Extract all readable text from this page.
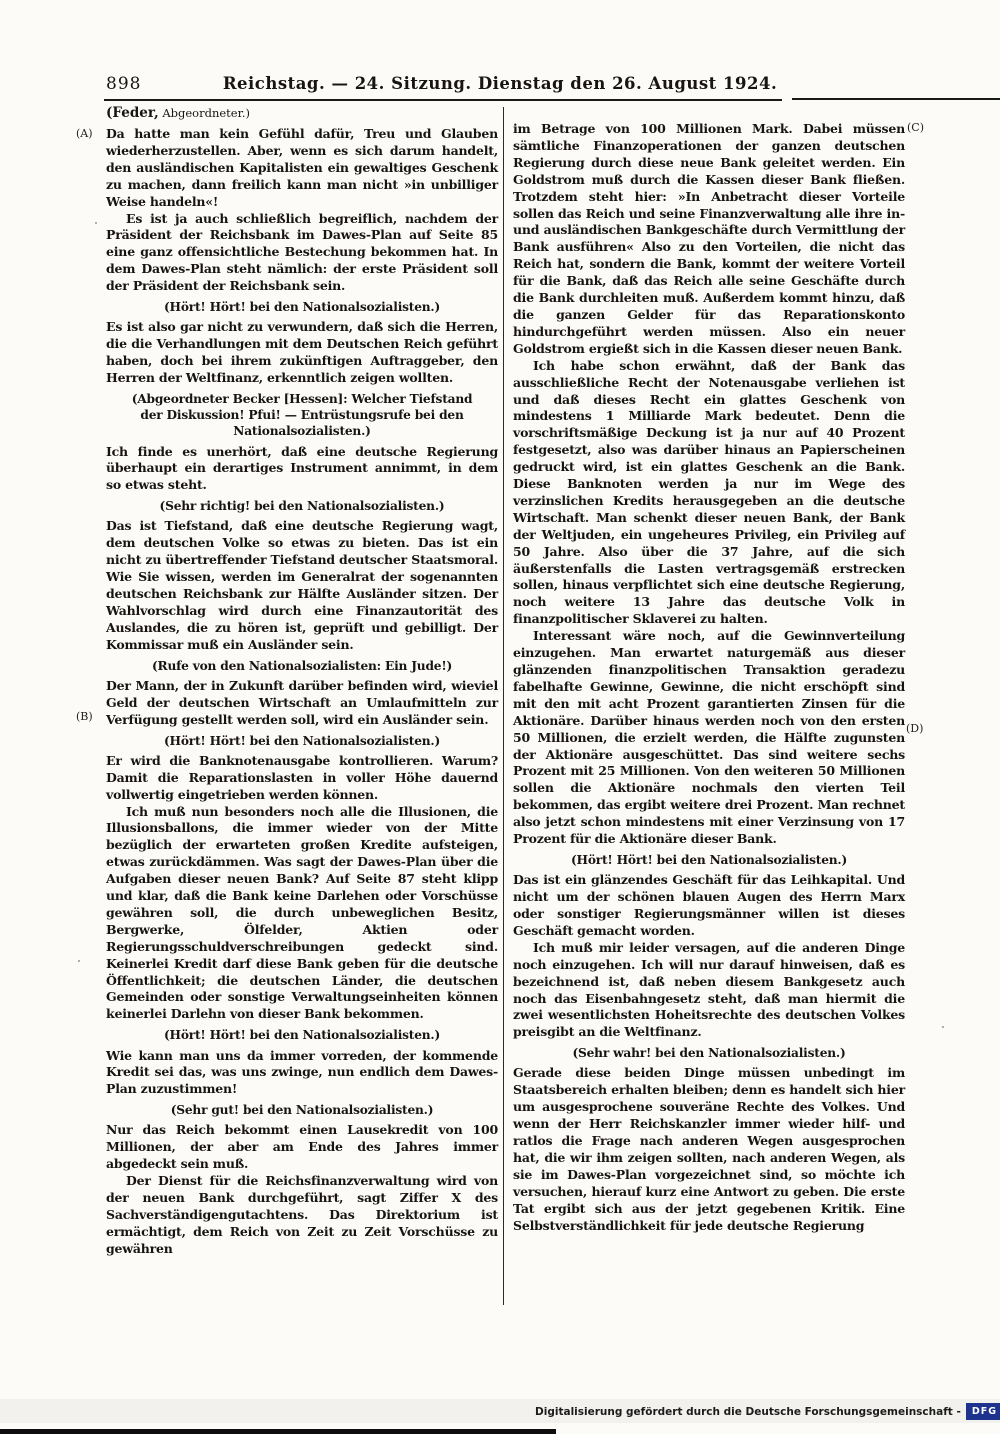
898	Reichstag. — 24. Sitzung. Dienstag den 26. August 1924.
(Feder, Abgeordneter.)
(A)
(B)
(C)
(D)

Da hatte man kein Gefühl dafür, Treu und Glauben wiederherzustellen. Aber, wenn es sich darum handelt, den ausländischen Kapitalisten ein gewaltiges Geschenk zu machen, dann freilich kann man nicht »in unbilliger Weise handeln«!

Es ist ja auch schließlich begreiflich, nachdem der Präsident der Reichsbank im Dawes-Plan auf Seite 85 eine ganz offensichtliche Bestechung bekommen hat. In dem Dawes-Plan steht nämlich: der erste Präsident soll der Präsident der Reichsbank sein.

(Hört! Hört! bei den Nationalsozialisten.)

Es ist also gar nicht zu verwundern, daß sich die Herren, die die Verhandlungen mit dem Deutschen Reich geführt haben, doch bei ihrem zukünftigen Auftraggeber, den Herren der Weltfinanz, erkenntlich zeigen wollten.

(Abgeordneter Becker [Hessen]: Welcher Tiefstand der Diskussion! Pfui! — Entrüstungsrufe bei den Nationalsozialisten.)

Ich finde es unerhört, daß eine deutsche Regierung überhaupt ein derartiges Instrument annimmt, in dem so etwas steht.

(Sehr richtig! bei den Nationalsozialisten.)

Das ist Tiefstand, daß eine deutsche Regierung wagt, dem deutschen Volke so etwas zu bieten. Das ist ein nicht zu übertreffender Tiefstand deutscher Staatsmoral. Wie Sie wissen, werden im Generalrat der sogenannten deutschen Reichsbank zur Hälfte Ausländer sitzen. Der Wahlvorschlag wird durch eine Finanzautorität des Auslandes, die zu hören ist, geprüft und gebilligt. Der Kommissar muß ein Ausländer sein.

(Rufe von den Nationalsozialisten: Ein Jude!)

Der Mann, der in Zukunft darüber befinden wird, wieviel Geld der deutschen Wirtschaft an Umlaufmitteln zur Verfügung gestellt werden soll, wird ein Ausländer sein.

(Hört! Hört! bei den Nationalsozialisten.)

Er wird die Banknotenausgabe kontrollieren. Warum? Damit die Reparationslasten in voller Höhe dauernd vollwertig eingetrieben werden können.

Ich muß nun besonders noch alle die Illusionen, die Illusionsballons, die immer wieder von der Mitte bezüglich der erwarteten großen Kredite aufsteigen, etwas zurückdämmen. Was sagt der Dawes-Plan über die Aufgaben dieser neuen Bank? Auf Seite 87 steht klipp und klar, daß die Bank keine Darlehen oder Vorschüsse gewähren soll, die durch unbeweglichen Besitz, Bergwerke, Ölfelder, Aktien oder Regierungsschuldverschreibungen gedeckt sind. Keinerlei Kredit darf diese Bank geben für die deutsche Öffentlichkeit; die deutschen Länder, die deutschen Gemeinden oder sonstige Verwaltungseinheiten können keinerlei Darlehn von dieser Bank bekommen.

(Hört! Hört! bei den Nationalsozialisten.)

Wie kann man uns da immer vorreden, der kommende Kredit sei das, was uns zwinge, nun endlich dem Dawes-Plan zuzustimmen!

(Sehr gut! bei den Nationalsozialisten.)

Nur das Reich bekommt einen Lausekredit von 100 Millionen, der aber am Ende des Jahres immer abgedeckt sein muß.

Der Dienst für die Reichsfinanzverwaltung wird von der neuen Bank durchgeführt, sagt Ziffer X des Sachverständigengutachtens. Das Direktorium ist ermächtigt, dem Reich von Zeit zu Zeit Vorschüsse zu gewähren

im Betrage von 100 Millionen Mark. Dabei müssen sämtliche Finanzoperationen der ganzen deutschen Regierung durch diese neue Bank geleitet werden. Ein Goldstrom muß durch die Kassen dieser Bank fließen. Trotzdem steht hier: »In Anbetracht dieser Vorteile sollen das Reich und seine Finanzverwaltung alle ihre in- und ausländischen Bankgeschäfte durch Vermittlung der Bank ausführen« Also zu den Vorteilen, die nicht das Reich hat, sondern die Bank, kommt der weitere Vorteil für die Bank, daß das Reich alle seine Geschäfte durch die Bank durchleiten muß. Außerdem kommt hinzu, daß die ganzen Gelder für das Reparationskonto hindurchgeführt werden müssen. Also ein neuer Goldstrom ergießt sich in die Kassen dieser neuen Bank.

Ich habe schon erwähnt, daß der Bank das ausschließliche Recht der Notenausgabe verliehen ist und daß dieses Recht ein glattes Geschenk von mindestens 1 Milliarde Mark bedeutet. Denn die vorschriftsmäßige Deckung ist ja nur auf 40 Prozent festgesetzt, also was darüber hinaus an Papierscheinen gedruckt wird, ist ein glattes Geschenk an die Bank. Diese Banknoten werden ja nur im Wege des verzinslichen Kredits herausgegeben an die deutsche Wirtschaft. Man schenkt dieser neuen Bank, der Bank der Weltjuden, ein ungeheures Privileg, ein Privileg auf 50 Jahre. Also über die 37 Jahre, auf die sich äußerstenfalls die Lasten vertragsgemäß erstrecken sollen, hinaus verpflichtet sich eine deutsche Regierung, noch weitere 13 Jahre das deutsche Volk in finanzpolitischer Sklaverei zu halten.

Interessant wäre noch, auf die Gewinnverteilung einzugehen. Man erwartet naturgemäß aus dieser glänzenden finanzpolitischen Transaktion geradezu fabelhafte Gewinne, Gewinne, die nicht erschöpft sind mit den mit acht Prozent garantierten Zinsen für die Aktionäre. Darüber hinaus werden noch von den ersten 50 Millionen, die erzielt werden, die Hälfte zugunsten der Aktionäre ausgeschüttet. Das sind weitere sechs Prozent mit 25 Millionen. Von den weiteren 50 Millionen sollen die Aktionäre nochmals den vierten Teil bekommen, das ergibt weitere drei Prozent. Man rechnet also jetzt schon mindestens mit einer Verzinsung von 17 Prozent für die Aktionäre dieser Bank.

(Hört! Hört! bei den Nationalsozialisten.)

Das ist ein glänzendes Geschäft für das Leihkapital. Und nicht um der schönen blauen Augen des Herrn Marx oder sonstiger Regierungsmänner willen ist dieses Geschäft gemacht worden.

Ich muß mir leider versagen, auf die anderen Dinge noch einzugehen. Ich will nur darauf hinweisen, daß es bezeichnend ist, daß neben diesem Bankgesetz auch noch das Eisenbahngesetz steht, daß man hiermit die zwei wesentlichsten Hoheitsrechte des deutschen Volkes preisgibt an die Weltfinanz.

(Sehr wahr! bei den Nationalsozialisten.)

Gerade diese beiden Dinge müssen unbedingt im Staatsbereich erhalten bleiben; denn es handelt sich hier um ausgesprochene souveräne Rechte des Volkes. Und wenn der Herr Reichskanzler immer wieder hilf- und ratlos die Frage nach anderen Wegen ausgesprochen hat, die wir ihm zeigen sollten, nach anderen Wegen, als sie im Dawes-Plan vorgezeichnet sind, so möchte ich versuchen, hierauf kurz eine Antwort zu geben. Die erste Tat ergibt sich aus der jetzt gegebenen Kritik. Eine Selbstverständlichkeit für jede deutsche Regierung

Digitalisierung gefördert durch die Deutsche Forschungsgemeinschaft -	DFG
